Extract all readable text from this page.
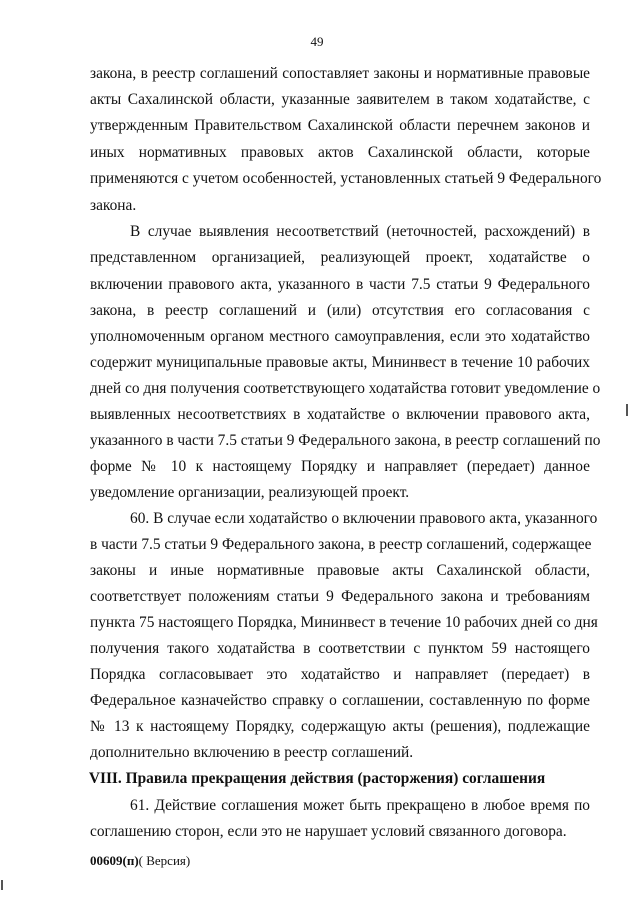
49
закона, в реестр соглашений сопоставляет законы и нормативные правовые
акты Сахалинской области, указанные заявителем в таком ходатайстве, с
утвержденным Правительством Сахалинской области перечнем законов и
иных нормативных правовых актов Сахалинской области, которые
применяются с учетом особенностей, установленных статьей 9 Федерального
закона.
В случае выявления несоответствий (неточностей, расхождений) в
представленном организацией, реализующей проект, ходатайстве о
включении правового акта, указанного в части 7.5 статьи 9 Федерального
закона, в реестр соглашений и (или) отсутствия его согласования с
уполномоченным органом местного самоуправления, если это ходатайство
содержит муниципальные правовые акты, Мининвест в течение 10 рабочих
дней со дня получения соответствующего ходатайства готовит уведомление о
выявленных несоответствиях в ходатайстве о включении правового акта,
указанного в части 7.5 статьи 9 Федерального закона, в реестр соглашений по
форме № 10 к настоящему Порядку и направляет (передает) данное
уведомление организации, реализующей проект.
60. В случае если ходатайство о включении правового акта, указанного
в части 7.5 статьи 9 Федерального закона, в реестр соглашений, содержащее
законы и иные нормативные правовые акты Сахалинской области,
соответствует положениям статьи 9 Федерального закона и требованиям
пункта 75 настоящего Порядка, Мининвест в течение 10 рабочих дней со дня
получения такого ходатайства в соответствии с пунктом 59 настоящего
Порядка согласовывает это ходатайство и направляет (передает) в
Федеральное казначейство справку о соглашении, составленную по форме
№ 13 к настоящему Порядку, содержащую акты (решения), подлежащие
дополнительно включению в реестр соглашений.
VIII. Правила прекращения действия (расторжения) соглашения
61. Действие соглашения может быть прекращено в любое время по
соглашению сторон, если это не нарушает условий связанного договора.
00609(п)( Версия)
